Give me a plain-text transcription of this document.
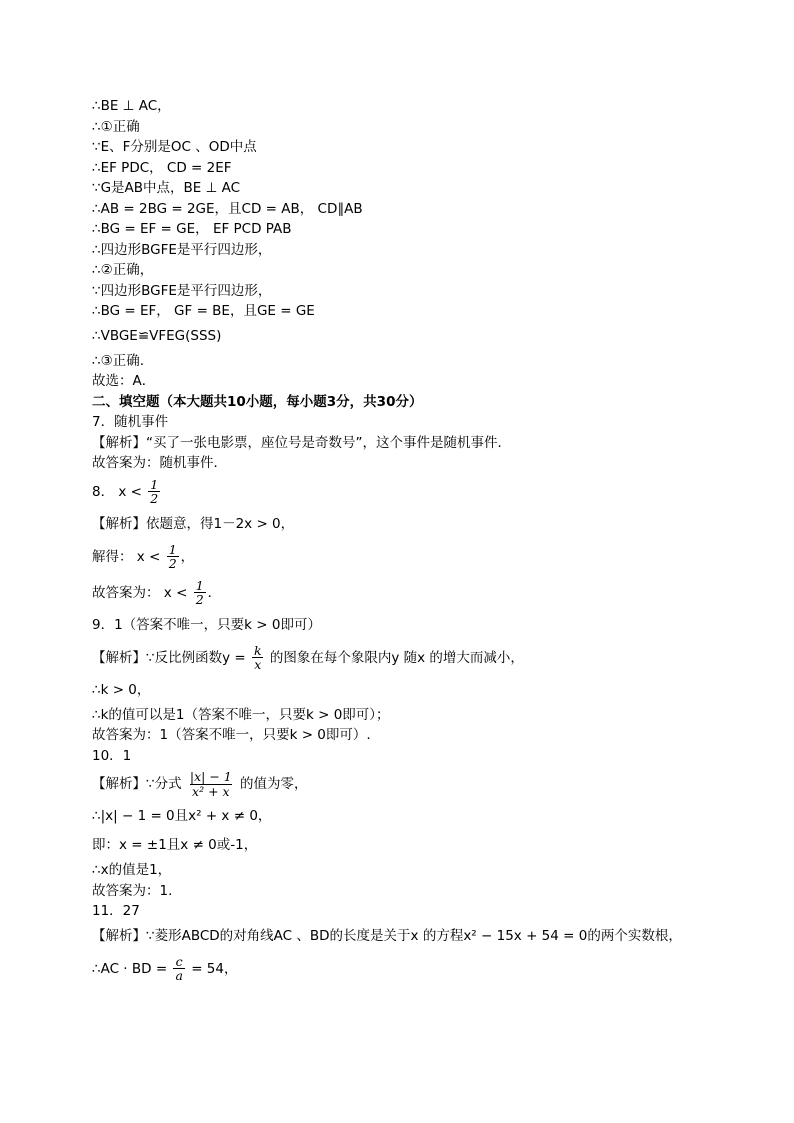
∴BE ⊥ AC，
∴①正确
∵E、F分别是OC 、OD中点
∴EF PDC， CD = 2EF
∵G是AB中点，BE ⊥ AC
∴AB = 2BG = 2GE，且CD = AB， CD∥AB
∴BG = EF = GE， EF PCD PAB
∴四边形BGFE是平行四边形，
∴②正确，
∵四边形BGFE是平行四边形，
∴BG = EF， GF = BE，且GE = GE
∴VBGE≌VFEG(SSS)
∴③正确.
故选：A．
二、填空题（本大题共10小题，每小题3分，共30分）
7．随机事件
【解析】“买了一张电影票，座位号是奇数号”，这个事件是随机事件．
故答案为：随机事件．
8． $x < \frac{1}{2}$
【解析】依题意，得1－2x > 0，
解得： $x < \frac{1}{2}$ ，
故答案为： $x < \frac{1}{2}$ ．
9．1（答案不唯一，只要k > 0即可）
【解析】∵反比例函数$y = \frac{k}{x}$ 的图象在每个象限内y 随x 的增大而减小，
∴k > 0，
∴k的值可以是1（答案不唯一，只要k > 0即可）；
故答案为：1（答案不唯一，只要k > 0即可）.
10．1
【解析】∵分式 $\frac{|x| - 1}{\text{x² + x}}$ 的值为零，
∴|x| − 1 = 0且x² + x ≠ 0，
即：x = ±1且x ≠ 0或-1，
∴x的值是1，
故答案为：1.
11．27
【解析】∵菱形ABCD的对角线AC 、BD的长度是关于x 的方程x² − 15x + 54 = 0的两个实数根，
∴AC · BD = $\frac{c}{a} = 54$，
